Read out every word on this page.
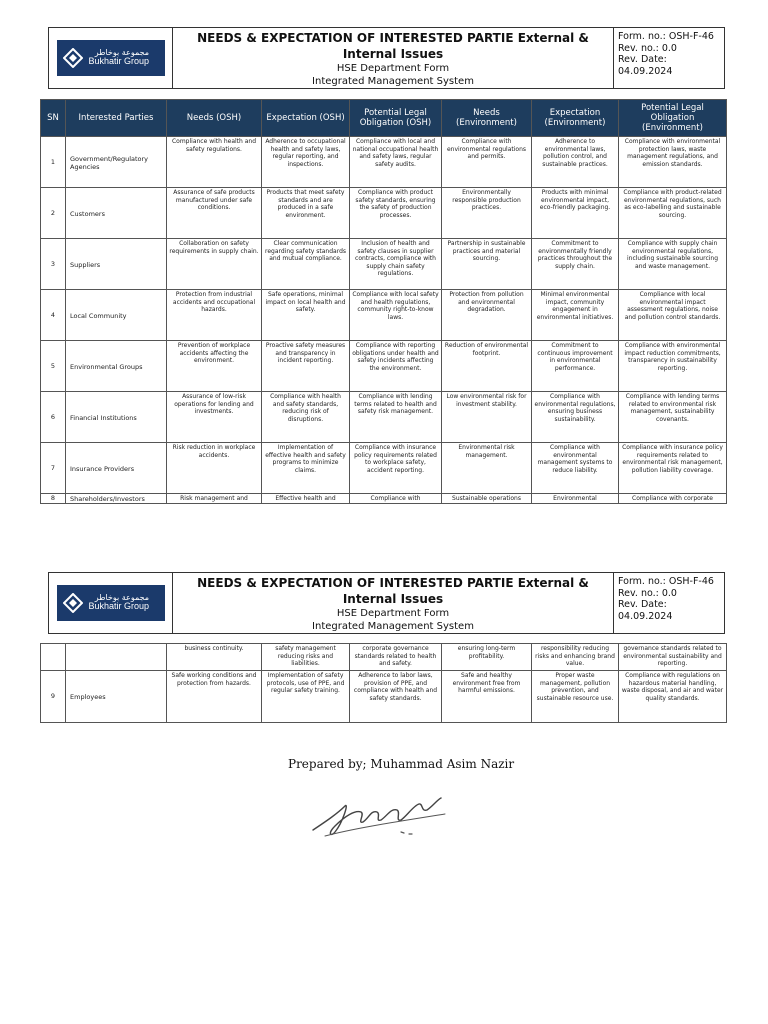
مجموعة بوخاطر
Bukhatir Group
NEEDS & EXPECTATION OF INTERESTED PARTIE External & Internal Issues
HSE Department Form
Integrated Management System
Form. no.: OSH-F-46
Rev. no.: 0.0
Rev. Date:
04.09.2024
SN	Interested Parties	Needs (OSH)	Expectation (OSH)	Potential Legal Obligation (OSH)	Needs (Environment)	Expectation (Environment)	Potential Legal Obligation (Environment)
1	Government/Regulatory Agencies	Compliance with health and safety regulations.	Adherence to occupational health and safety laws, regular reporting, and inspections.	Compliance with local and national occupational health and safety laws, regular safety audits.	Compliance with environmental regulations and permits.	Adherence to environmental laws, pollution control, and sustainable practices.	Compliance with environmental protection laws, waste management regulations, and emission standards.
2	Customers	Assurance of safe products manufactured under safe conditions.	Products that meet safety standards and are produced in a safe environment.	Compliance with product safety standards, ensuring the safety of production processes.	Environmentally responsible production practices.	Products with minimal environmental impact, eco-friendly packaging.	Compliance with product-related environmental regulations, such as eco-labelling and sustainable sourcing.
3	Suppliers	Collaboration on safety requirements in supply chain.	Clear communication regarding safety standards and mutual compliance.	Inclusion of health and safety clauses in supplier contracts, compliance with supply chain safety regulations.	Partnership in sustainable practices and material sourcing.	Commitment to environmentally friendly practices throughout the supply chain.	Compliance with supply chain environmental regulations, including sustainable sourcing and waste management.
4	Local Community	Protection from industrial accidents and occupational hazards.	Safe operations, minimal impact on local health and safety.	Compliance with local safety and health regulations, community right-to-know laws.	Protection from pollution and environmental degradation.	Minimal environmental impact, community engagement in environmental initiatives.	Compliance with local environmental impact assessment regulations, noise and pollution control standards.
5	Environmental Groups	Prevention of workplace accidents affecting the environment.	Proactive safety measures and transparency in incident reporting.	Compliance with reporting obligations under health and safety incidents affecting the environment.	Reduction of environmental footprint.	Commitment to continuous improvement in environmental performance.	Compliance with environmental impact reduction commitments, transparency in sustainability reporting.
6	Financial Institutions	Assurance of low-risk operations for lending and investments.	Compliance with health and safety standards, reducing risk of disruptions.	Compliance with lending terms related to health and safety risk management.	Low environmental risk for investment stability.	Compliance with environmental regulations, ensuring business sustainability.	Compliance with lending terms related to environmental risk management, sustainability covenants.
7	Insurance Providers	Risk reduction in workplace accidents.	Implementation of effective health and safety programs to minimize claims.	Compliance with insurance policy requirements related to workplace safety, accident reporting.	Environmental risk management.	Compliance with environmental management systems to reduce liability.	Compliance with insurance policy requirements related to environmental risk management, pollution liability coverage.
8	Shareholders/Investors	Risk management and	Effective health and	Compliance with	Sustainable operations	Environmental	Compliance with corporate
مجموعة بوخاطر
Bukhatir Group
NEEDS & EXPECTATION OF INTERESTED PARTIE External & Internal Issues
HSE Department Form
Integrated Management System
Form. no.: OSH-F-46
Rev. no.: 0.0
Rev. Date:
04.09.2024
		business continuity.	safety management reducing risks and liabilities.	corporate governance standards related to health and safety.	ensuring long-term profitability.	responsibility reducing risks and enhancing brand value.	governance standards related to environmental sustainability and reporting.
9	Employees	Safe working conditions and protection from hazards.	Implementation of safety protocols, use of PPE, and regular safety training.	Adherence to labor laws, provision of PPE, and compliance with health and safety standards.	Safe and healthy environment free from harmful emissions.	Proper waste management, pollution prevention, and sustainable resource use.	Compliance with regulations on hazardous material handling, waste disposal, and air and water quality standards.
Prepared by; Muhammad Asim Nazir
